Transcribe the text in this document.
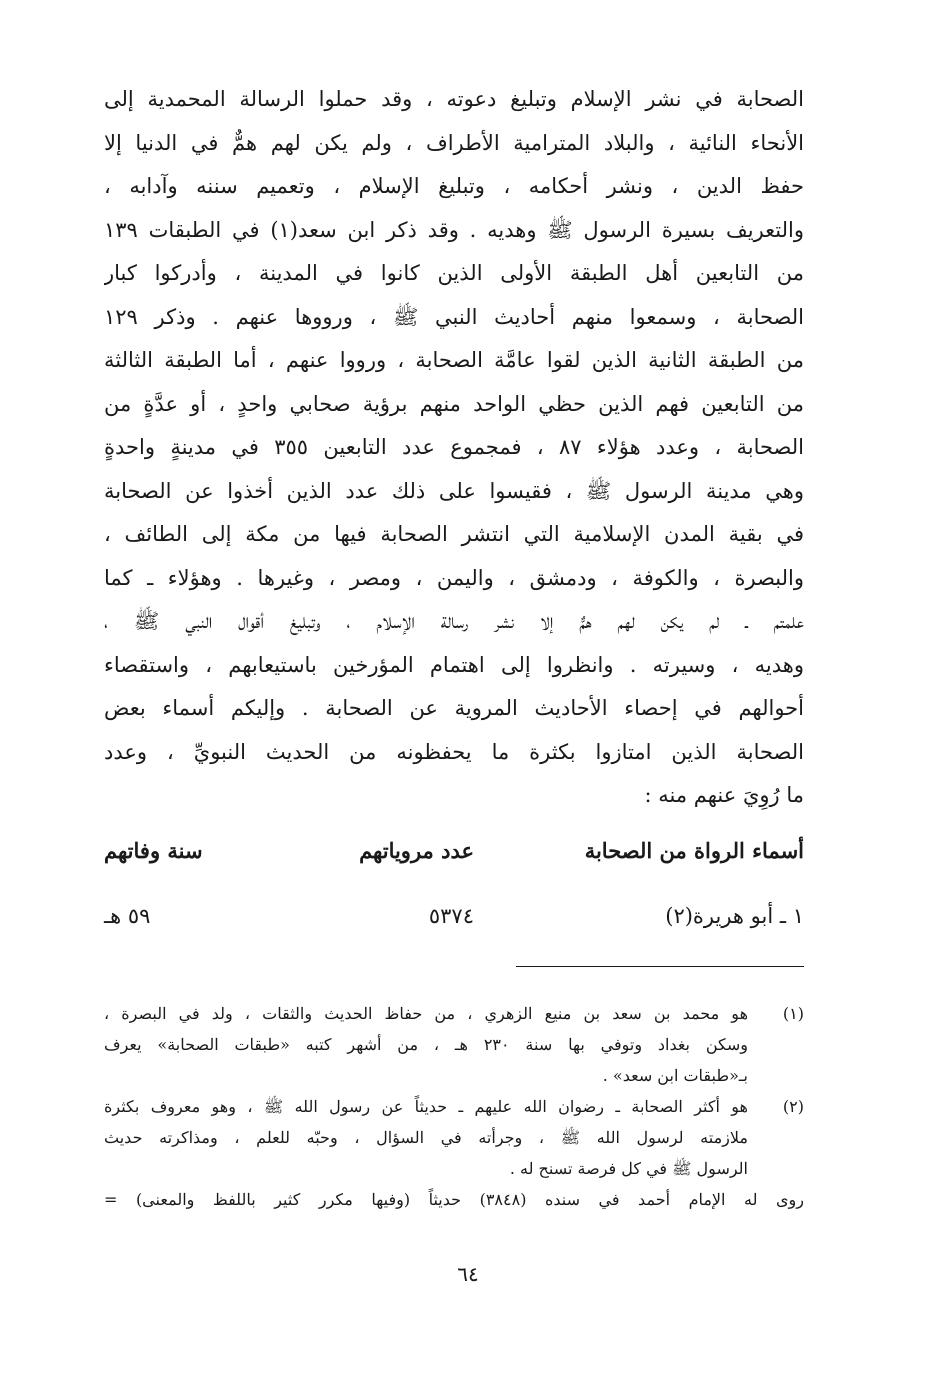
الصحابة في نشر الإسلام وتبليغ دعوته ، وقد حملوا الرسالة المحمدية إلى
الأنحاء النائية ، والبلاد المترامية الأطراف ، ولم يكن لهم همٌّ في الدنيا إلا
حفظ الدين ، ونشر أحكامه ، وتبليغ الإسلام ، وتعميم سننه وآدابه ،
والتعريف بسيرة الرسول ﷺ وهديه . وقد ذكر ابن سعد(١) في الطبقات ١٣٩
من التابعين أهل الطبقة الأولى الذين كانوا في المدينة ، وأدركوا كبار
الصحابة ، وسمعوا منهم أحاديث النبي ﷺ ، ورووها عنهم . وذكر ١٢٩
من الطبقة الثانية الذين لقوا عامَّة الصحابة ، ورووا عنهم ، أما الطبقة الثالثة
من التابعين فهم الذين حظي الواحد منهم برؤية صحابي واحدٍ ، أو عدَّةٍ من
الصحابة ، وعدد هؤلاء ٨٧ ، فمجموع عدد التابعين ٣٥٥ في مدينةٍ واحدةٍ
وهي مدينة الرسول ﷺ ، فقيسوا على ذلك عدد الذين أخذوا عن الصحابة
في بقية المدن الإسلامية التي انتشر الصحابة فيها من مكة إلى الطائف ،
والبصرة ، والكوفة ، ودمشق ، واليمن ، ومصر ، وغيرها . وهؤلاء ـ كما
علمتم ـ لم يكن لهم همٌّ إلا نشر رسالة الإسلام ، وتبليغ أقوال النبي ﷺ ،
وهديه ، وسيرته . وانظروا إلى اهتمام المؤرخين باستيعابهم ، واستقصاء
أحوالهم في إحصاء الأحاديث المروية عن الصحابة . وإليكم أسماء بعض
الصحابة الذين امتازوا بكثرة ما يحفظونه من الحديث النبويِّ ، وعدد
ما رُوِيَ عنهم منه :
أسماء الرواة من الصحابة
عدد مروياتهم
سنة وفاتهم
١ ـ أبو هريرة(٢)
٥٣٧٤
٥٩ هـ
(١)
هو محمد بن سعد بن منيع الزهري ، من حفاظ الحديث والثقات ، ولد في البصرة ،
وسكن بغداد وتوفي بها سنة ٢٣٠ هـ ، من أشهر كتبه «طبقات الصحابة» يعرف
بـ«طبقات ابن سعد» .
(٢)
هو أكثر الصحابة ـ رضوان الله عليهم ـ حديثاً عن رسول الله ﷺ ، وهو معروف بكثرة
ملازمته لرسول الله ﷺ ، وجرأته في السؤال ، وحبّه للعلم ، ومذاكرته حديث
الرسول ﷺ في كل فرصة تسنح له .
روى له الإمام أحمد في سنده (٣٨٤٨) حديثاً (وفيها مكرر كثير باللفظ والمعنى) =
٦٤
